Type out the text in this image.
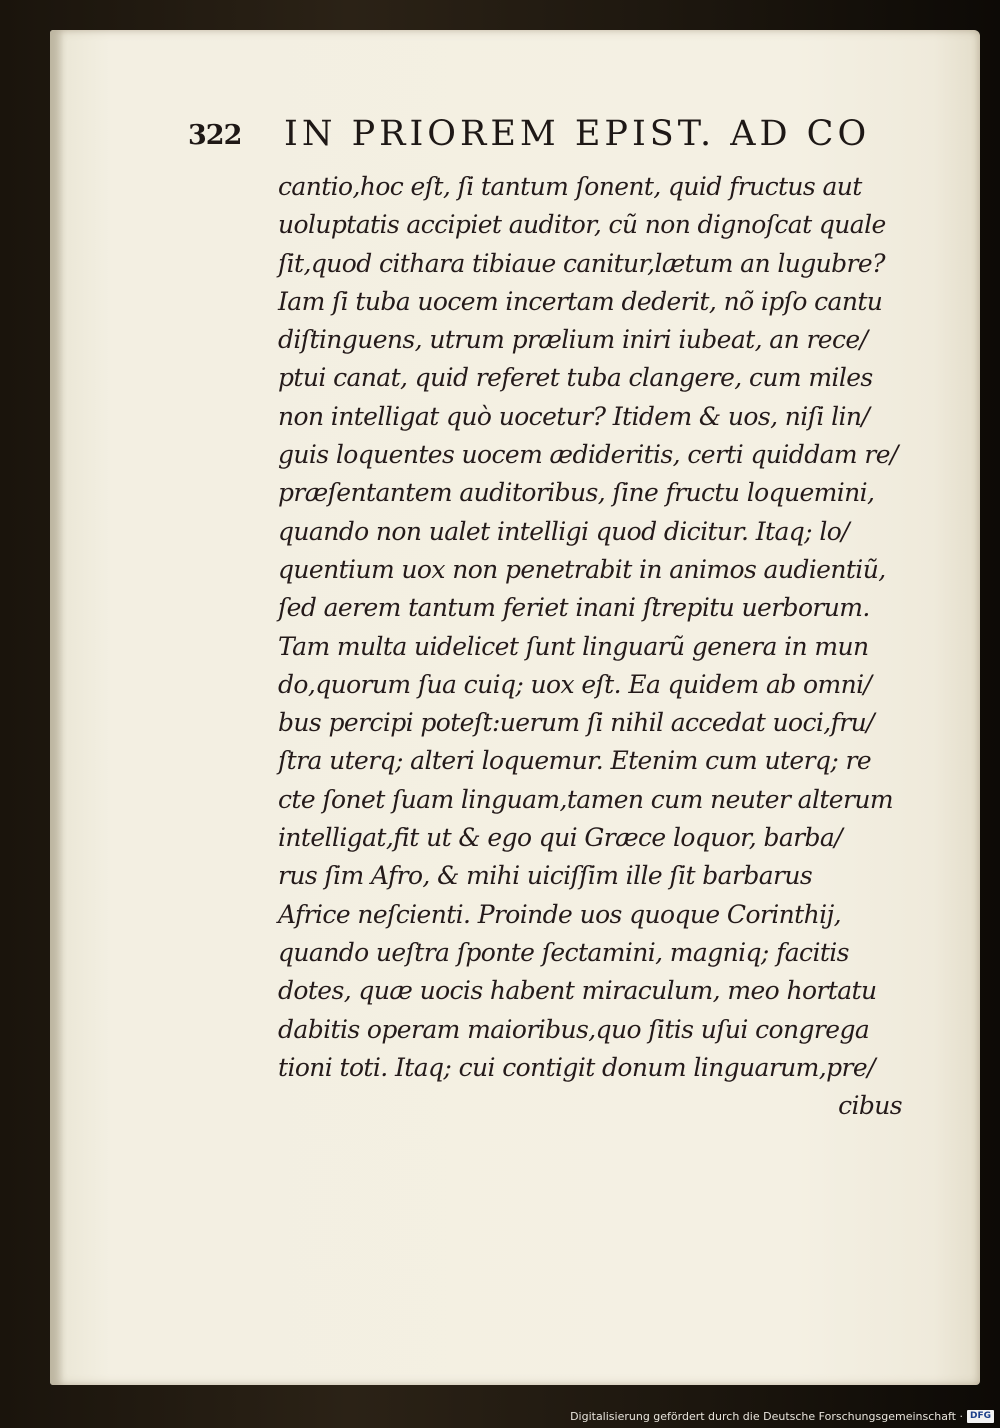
322 IN PRIOREM EPIST. AD CO
cantio,hoc eſt, ſi tantum ſonent, quid fructus aut
uoluptatis accipiet auditor, cũ non dignoſcat quale
ſit,quod cithara tibiaue canitur,lætum an lugubre?
Iam ſi tuba uocem incertam dederit, nõ ipſo cantu
diſtinguens, utrum prælium iniri iubeat, an rece/
ptui canat, quid referet tuba clangere, cum miles
non intelligat quò uocetur? Itidem & uos, niſi lin/
guis loquentes uocem ædideritis, certi quiddam re/
præſentantem auditoribus, ſine fructu loquemini,
quando non ualet intelligi quod dicitur. Itaq; lo/
quentium uox non penetrabit in animos audientiũ,
ſed aerem tantum feriet inani ſtrepitu uerborum.
Tam multa uidelicet ſunt linguarũ genera in mun
do,quorum ſua cuiq; uox eſt. Ea quidem ab omni/
bus percipi poteſt:uerum ſi nihil accedat uoci,fru/
ſtra uterq; alteri loquemur. Etenim cum uterq; re
cte ſonet ſuam linguam,tamen cum neuter alterum
intelligat,fit ut & ego qui Græce loquor, barba/
rus ſim Afro, & mihi uiciſſim ille ſit barbarus
Africe neſcienti. Proinde uos quoque Corinthij,
quando ueſtra ſponte ſectamini, magniq; facitis
dotes, quæ uocis habent miraculum, meo hortatu
dabitis operam maioribus,quo ſitis uſui congrega
tioni toti. Itaq; cui contigit donum linguarum,pre/
cibus
Digitalisierung gefördert durch die Deutsche Forschungsgemeinschaft · DFG
